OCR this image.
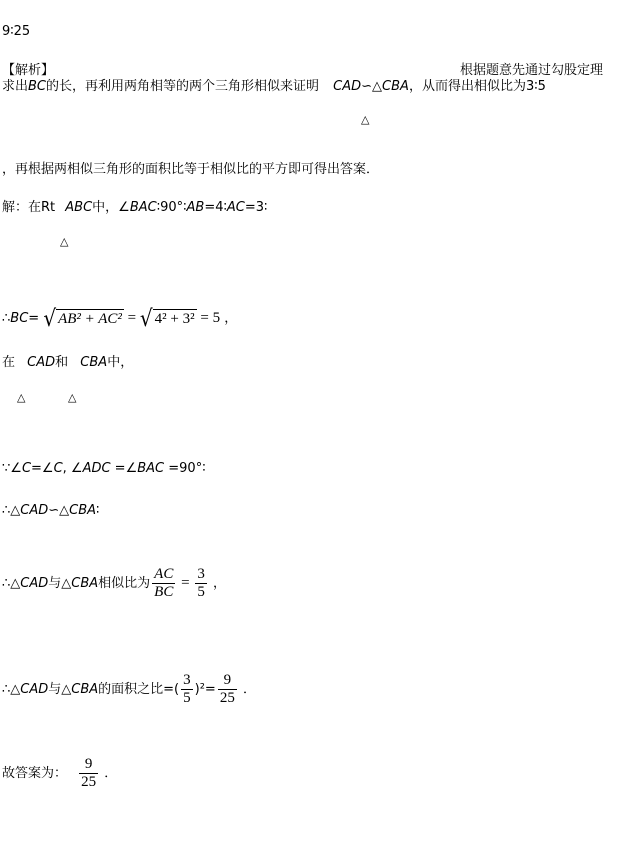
9∶25
【解析】	根据题意先通过勾股定理
求出BC的长，再利用两角相等的两个三角形相似来证明 CAD∽△CBA，从而得出相似比为3∶5
△
，再根据两相似三角形的面积比等于相似比的平方即可得出答案．
解：在Rt ABC中，∠BAC∶90°∶AB=4∶AC=3∶
△
∴BC= √ AB² + AC² = √ 4² + 3² = 5 ，
在 CAD和 CBA中，
△	△
∵∠C=∠C, ∠ADC =∠BAC =90°∶
∴△CAD∽△CBA∶
∴△CAD与△CBA相似比为 $\frac{AC}{BC} = \frac{3}{5}$ ，
∴△CAD与△CBA的面积之比=( $\frac{3}{5} )^2= \frac{9}{25}$ ．
故答案为： $\frac{9}{25}$ ．
